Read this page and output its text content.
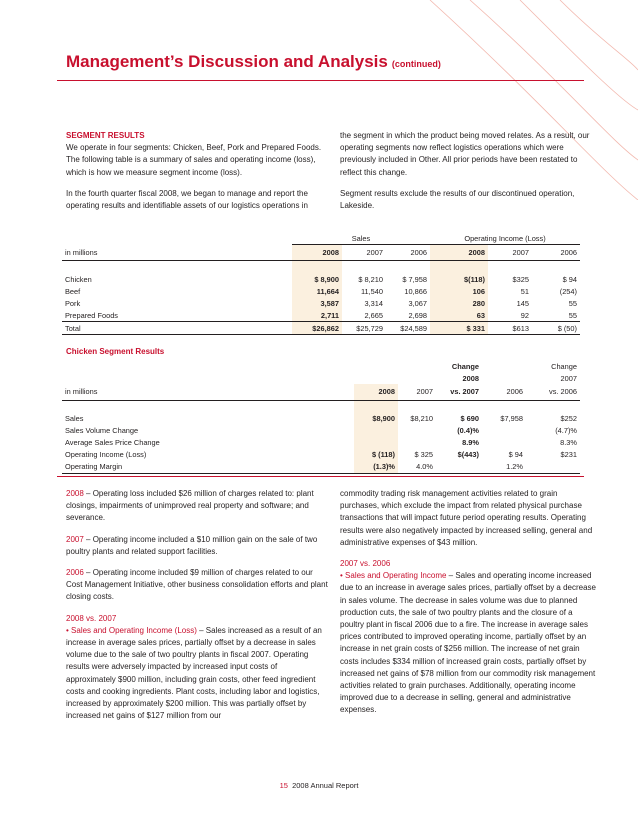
Management’s Discussion and Analysis (continued)
SEGMENT RESULTS

We operate in four segments: Chicken, Beef, Pork and Prepared Foods. The following table is a summary of sales and operating income (loss), which is how we measure segment income (loss).

In the fourth quarter fiscal 2008, we began to manage and report the operating results and identifiable assets of our logistics operations in

the segment in which the product being moved relates. As a result, our operating segments now reflect logistics operations which were previously included in Other. All prior periods have been restated to reflect this change.

Segment results exclude the results of our discontinued operation, Lakeside.

	Sales			Operating Income (Loss)		
in millions	2008	2007	2006	2008	2007	2006

Chicken	$ 8,900	$ 8,210	$ 7,958	$(118)	$325	$ 94
Beef	11,664	11,540	10,866	106	51	(254)
Pork	3,587	3,314	3,067	280	145	55
Prepared Foods	2,711	2,665	2,698	63	92	55
Total	$26,862	$25,729	$24,589	$ 331	$613	$ (50)
Chicken Segment Results
			Change		Change
			2008		2007
in millions	2008	2007	vs. 2007	2006	vs. 2006

Sales	$8,900	$8,210	$ 690	$7,958	$252
Sales Volume Change			(0.4)%		(4.7)%
Average Sales Price Change			8.9%		8.3%
Operating Income (Loss)	$ (118)	$ 325	$(443)	$ 94	$231
Operating Margin	(1.3)%	4.0%		1.2%	

2008 – Operating loss included $26 million of charges related to: plant closings, impairments of unimproved real property and software; and severance.

2007 – Operating income included a $10 million gain on the sale of two poultry plants and related support facilities.

2006 – Operating income included $9 million of charges related to our Cost Management Initiative, other business consolidation efforts and plant closing costs.

2008 vs. 2007

• Sales and Operating Income (Loss) – Sales increased as a result of an increase in average sales prices, partially offset by a decrease in sales volume due to the sale of two poultry plants in fiscal 2007. Operating results were adversely impacted by increased input costs of approximately $900 million, including grain costs, other feed ingredient costs and cooking ingredients. Plant costs, including labor and logistics, increased by approximately $200 million. This was partially offset by increased net gains of $127 million from our

commodity trading risk management activities related to grain purchases, which exclude the impact from related physical purchase transactions that will impact future period operating results. Operating results were also negatively impacted by increased selling, general and administrative expenses of $43 million.

2007 vs. 2006

• Sales and Operating Income – Sales and operating income increased due to an increase in average sales prices, partially offset by a decrease in sales volume. The decrease in sales volume was due to planned production cuts, the sale of two poultry plants and the closure of a poultry plant in fiscal 2006 due to a fire. The increase in average sales prices contributed to improved operating income, partially offset by an increase in net grain costs of $256 million. The increase of net grain costs includes $334 million of increased grain costs, partially offset by increased net gains of $78 million from our commodity risk management activities related to grain purchases. Additionally, operating income improved due to a decrease in selling, general and administrative expenses.

15 2008 Annual Report
